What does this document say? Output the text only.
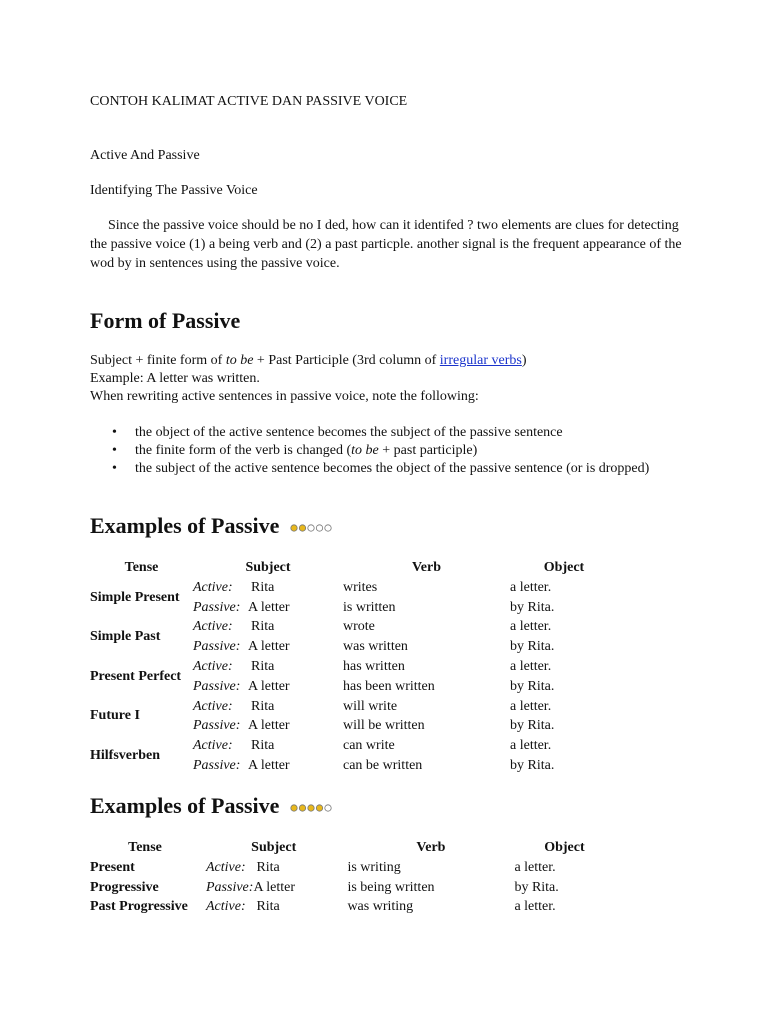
CONTOH KALIMAT ACTIVE DAN PASSIVE VOICE
Active And Passive
Identifying The Passive Voice
Since the passive voice should be no I ded, how can it identifed ? two elements are clues for detecting the passive voice (1) a being verb and (2) a past particple. another signal is the frequent appearance of the wod by in sentences using the passive voice.
Form of Passive
Subject + finite form of to be + Past Participle (3rd column of irregular verbs)
Example: A letter was written.
When rewriting active sentences in passive voice, note the following:
• the object of the active sentence becomes the subject of the passive sentence
• the finite form of the verb is changed (to be + past participle)
• the subject of the active sentence becomes the object of the passive sentence (or is dropped)
Examples of Passive
Tense	Subject		Verb	Object
Simple Present	Active:	Rita	writes	a letter.
	Passive:	A letter	is written	by Rita.
Simple Past	Active:	Rita	wrote	a letter.
	Passive:	A letter	was written	by Rita.
Present Perfect	Active:	Rita	has written	a letter.
	Passive:	A letter	has been written	by Rita.
Future I	Active:	Rita	will write	a letter.
	Passive:	A letter	will be written	by Rita.
Hilfsverben	Active:	Rita	can write	a letter.
	Passive:	A letter	can be written	by Rita.
Examples of Passive
Tense	Subject		Verb	Object
Present	Active:	Rita	is writing	a letter.
Progressive	Passive:	A letter	is being written	by Rita.
Past Progressive	Active:	Rita	was writing	a letter.
